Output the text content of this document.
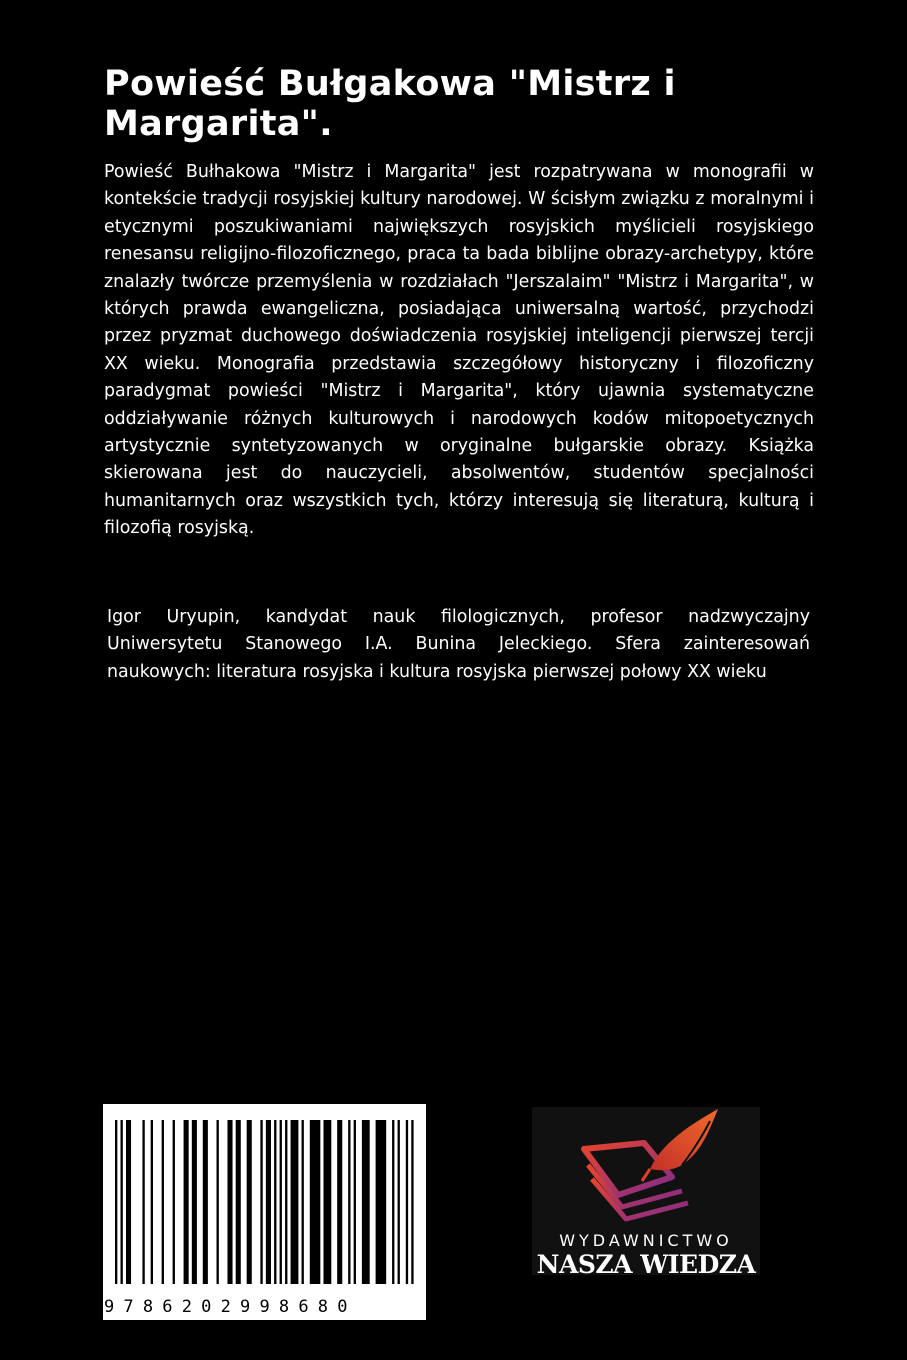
Powieść Bułgakowa "Mistrz i Margarita".

Powieść Bułhakowa "Mistrz i Margarita" jest rozpatrywana w monografii w kontekście tradycji rosyjskiej kultury narodowej. W ścisłym związku z moralnymi i etycznymi poszukiwaniami największych rosyjskich myślicieli rosyjskiego renesansu religijno-filozoficznego, praca ta bada biblijne obrazy-archetypy, które znalazły twórcze przemyślenia w rozdziałach "Jerszalaim" "Mistrz i Margarita", w których prawda ewangeliczna, posiadająca uniwersalną wartość, przychodzi przez pryzmat duchowego doświadczenia rosyjskiej inteligencji pierwszej tercji XX wieku. Monografia przedstawia szczegółowy historyczny i filozoficzny paradygmat powieści "Mistrz i Margarita", który ujawnia systematyczne oddziaływanie różnych kulturowych i narodowych kodów mitopoetycznych artystycznie syntetyzowanych w oryginalne bułgarskie obrazy. Książka skierowana jest do nauczycieli, absolwentów, studentów specjalności humanitarnych oraz wszystkich tych, którzy interesują się literaturą, kulturą i filozofią rosyjską.

Igor Uryupin, kandydat nauk filologicznych, profesor nadzwyczajny Uniwersytetu Stanowego I.A. Bunina Jeleckiego. Sfera zainteresowań naukowych: literatura rosyjska i kultura rosyjska pierwszej połowy XX wieku

9786202998680
WYDAWNICTWO
NASZA WIEDZA
